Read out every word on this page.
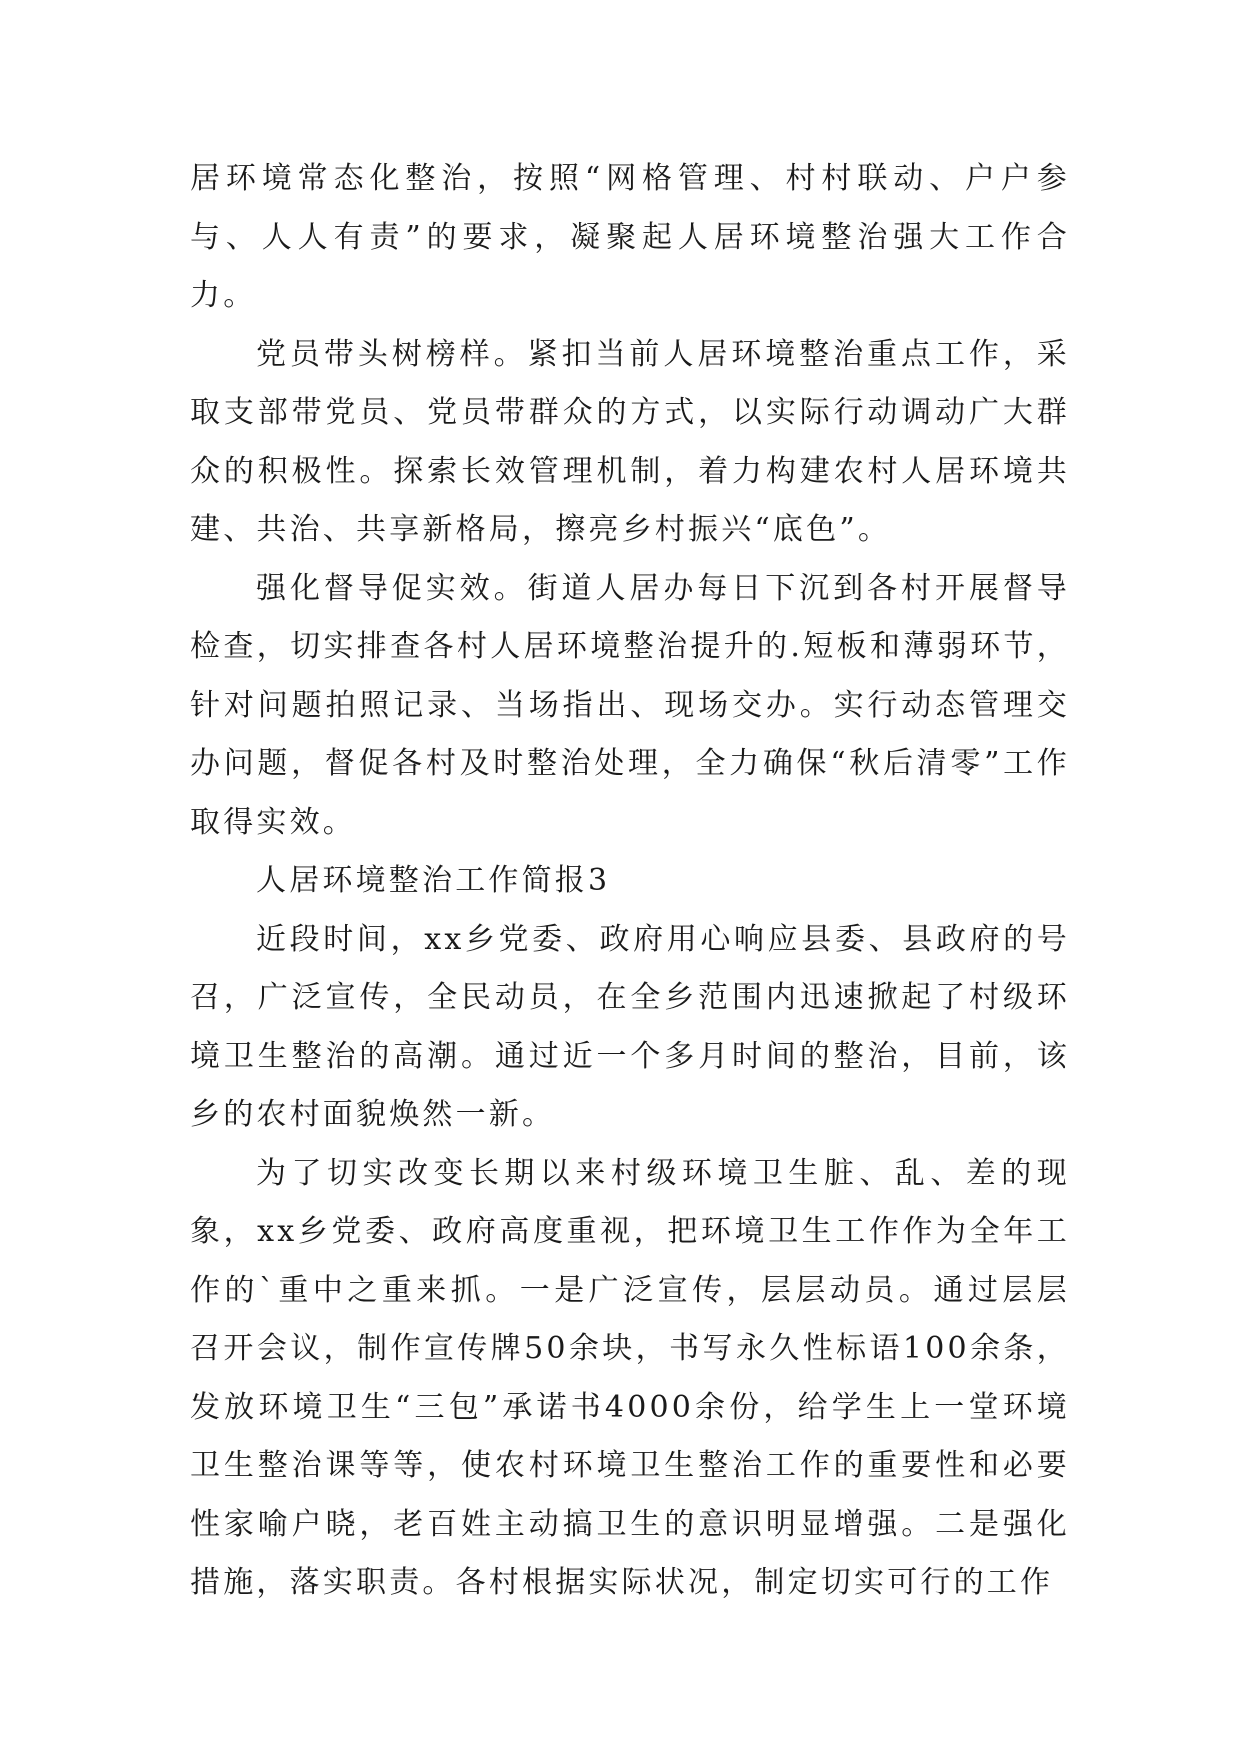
居环境常态化整治，按照“网格管理、村村联动、户户参与、人人有责”的要求，凝聚起人居环境整治强大工作合力。

党员带头树榜样。紧扣当前人居环境整治重点工作，采取支部带党员、党员带群众的方式，以实际行动调动广大群众的积极性。探索长效管理机制，着力构建农村人居环境共建、共治、共享新格局，擦亮乡村振兴“底色”。

强化督导促实效。街道人居办每日下沉到各村开展督导检查，切实排查各村人居环境整治提升的.短板和薄弱环节，针对问题拍照记录、当场指出、现场交办。实行动态管理交办问题，督促各村及时整治处理，全力确保“秋后清零”工作取得实效。

人居环境整治工作简报3

近段时间，xx乡党委、政府用心响应县委、县政府的号召，广泛宣传，全民动员，在全乡范围内迅速掀起了村级环境卫生整治的高潮。通过近一个多月时间的整治，目前，该乡的农村面貌焕然一新。

为了切实改变长期以来村级环境卫生脏、乱、差的现象，xx乡党委、政府高度重视，把环境卫生工作作为全年工作的`重中之重来抓。一是广泛宣传，层层动员。通过层层召开会议，制作宣传牌50余块，书写永久性标语100余条，发放环境卫生“三包”承诺书4000余份，给学生上一堂环境卫生整治课等等，使农村环境卫生整治工作的重要性和必要性家喻户晓，老百姓主动搞卫生的意识明显增强。二是强化措施，落实职责。各村根据实际状况，制定切实可行的工作
